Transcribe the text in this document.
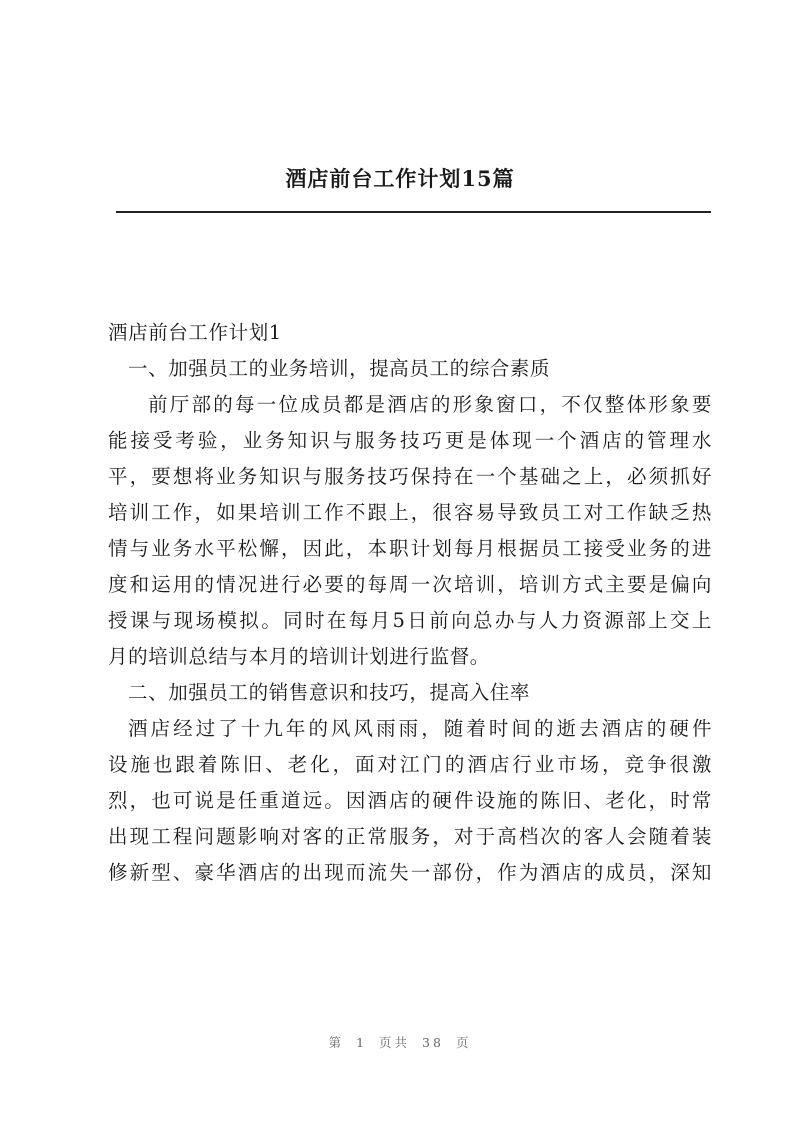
酒店前台工作计划15篇
酒店前台工作计划1
一、加强员工的业务培训，提高员工的综合素质
前厅部的每一位成员都是酒店的形象窗口，不仅整体形象要
能接受考验，业务知识与服务技巧更是体现一个酒店的管理水
平，要想将业务知识与服务技巧保持在一个基础之上，必须抓好
培训工作，如果培训工作不跟上，很容易导致员工对工作缺乏热
情与业务水平松懈，因此，本职计划每月根据员工接受业务的进
度和运用的情况进行必要的每周一次培训，培训方式主要是偏向
授课与现场模拟。同时在每月5日前向总办与人力资源部上交上
月的培训总结与本月的培训计划进行监督。
二、加强员工的销售意识和技巧，提高入住率
酒店经过了十九年的风风雨雨，随着时间的逝去酒店的硬件
设施也跟着陈旧、老化，面对江门的酒店行业市场，竞争很激
烈，也可说是任重道远。因酒店的硬件设施的陈旧、老化，时常
出现工程问题影响对客的正常服务，对于高档次的客人会随着装
修新型、豪华酒店的出现而流失一部份，作为酒店的成员，深知
第 1 页共 38 页
